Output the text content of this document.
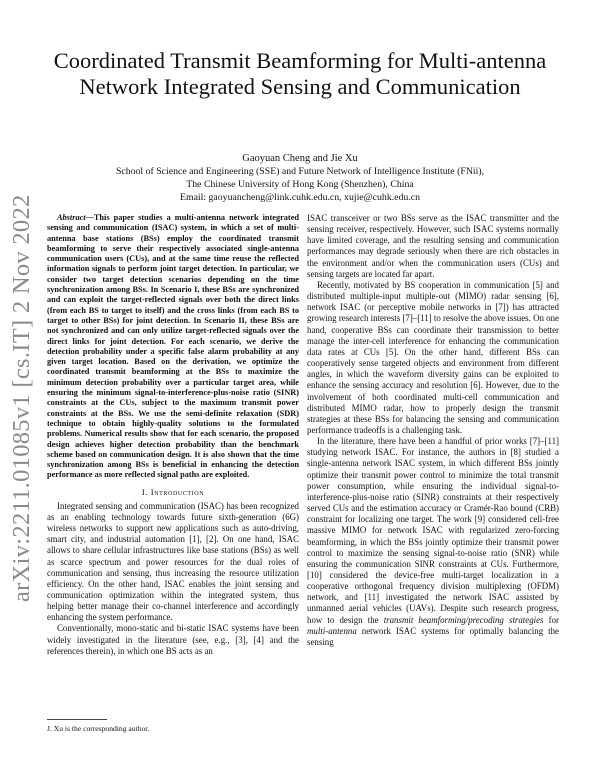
Coordinated Transmit Beamforming for Multi-antenna Network Integrated Sensing and Communication
Gaoyuan Cheng and Jie Xu
School of Science and Engineering (SSE) and Future Network of Intelligence Institute (FNii),
The Chinese University of Hong Kong (Shenzhen), China
Email: gaoyuancheng@link.cuhk.edu.cn, xujie@cuhk.edu.cn
arXiv:2211.01085v1 [cs.IT] 2 Nov 2022	Abstract—This paper studies a multi-antenna network integrated sensing and communication (ISAC) system, in which a set of multi-antenna base stations (BSs) employ the coordinated transmit beamforming to serve their respectively associated single-antenna communication users (CUs), and at the same time reuse the reflected information signals to perform joint target detection. In particular, we consider two target detection scenarios depending on the time synchronization among BSs. In Scenario I, these BSs are synchronized and can exploit the target-reflected signals over both the direct links (from each BS to target to itself) and the cross links (from each BS to target to other BSs) for joint detection. In Scenario II, these BSs are not synchronized and can only utilize target-reflected signals over the direct links for joint detection. For each scenario, we derive the detection probability under a specific false alarm probability at any given target location. Based on the derivation, we optimize the coordinated transmit beamforming at the BSs to maximize the minimum detection probability over a particular target area, while ensuring the minimum signal-to-interference-plus-noise ratio (SINR) constraints at the CUs, subject to the maximum transmit power constraints at the BSs. We use the semi-definite relaxation (SDR) technique to obtain highly-quality solutions to the formulated problems. Numerical results show that for each scenario, the proposed design achieves higher detection probability than the benchmark scheme based on communication design. It is also shown that the time synchronization among BSs is beneficial in enhancing the detection performance as more reflected signal paths are exploited.

I. Introduction

Integrated sensing and communication (ISAC) has been recognized as an enabling technology towards future sixth-generation (6G) wireless networks to support new applications such as auto-driving, smart city, and industrial automation [1], [2]. On one hand, ISAC allows to share cellular infrastructures like base stations (BSs) as well as scarce spectrum and power resources for the dual roles of communication and sensing, thus increasing the resource utilization efficiency. On the other hand, ISAC enables the joint sensing and communication optimization within the integrated system, thus helping better manage their co-channel interference and accordingly enhancing the system performance.

Conventionally, mono-static and bi-static ISAC systems have been widely investigated in the literature (see, e.g., [3], [4] and the references therein), in which one BS acts as an

ISAC transceiver or two BSs serve as the ISAC transmitter and the sensing receiver, respectively. However, such ISAC systems normally have limited coverage, and the resulting sensing and communication performances may degrade seriously when there are rich obstacles in the environment and/or when the communication users (CUs) and sensing targets are located far apart.

Recently, motivated by BS cooperation in communication [5] and distributed multiple-input multiple-out (MIMO) radar sensing [6], network ISAC (or perceptive mobile networks in [7]) has attracted growing research interests [7]–[11] to resolve the above issues. On one hand, cooperative BSs can coordinate their transmission to better manage the inter-cell interference for enhancing the communication data rates at CUs [5]. On the other hand, different BSs can cooperatively sense targeted objects and environment from different angles, in which the waveform diversity gains can be exploited to enhance the sensing accuracy and resolution [6]. However, due to the involvement of both coordinated multi-cell communication and distributed MIMO radar, how to properly design the transmit strategies at these BSs for balancing the sensing and communication performance tradeoffs is a challenging task.

In the literature, there have been a handful of prior works [7]–[11] studying network ISAC. For instance, the authors in [8] studied a single-antenna network ISAC system, in which different BSs jointly optimize their transmit power control to minimize the total transmit power consumption, while ensuring the individual signal-to-interference-plus-noise ratio (SINR) constraints at their respectively served CUs and the estimation accuracy or Cramér-Rao bound (CRB) constraint for localizing one target. The work [9] considered cell-free massive MIMO for network ISAC with regularized zero-forcing beamforming, in which the BSs jointly optimize their transmit power control to maximize the sensing signal-to-noise ratio (SNR) while ensuring the communication SINR constraints at CUs. Furthermore, [10] considered the device-free multi-target localization in a cooperative orthogonal frequency division multiplexing (OFDM) network, and [11] investigated the network ISAC assisted by unmanned aerial vehicles (UAVs). Despite such research progress, how to design the transmit beamforming/precoding strategies for multi-antenna network ISAC systems for optimally balancing the sensing

J. Xu is the corresponding author.
